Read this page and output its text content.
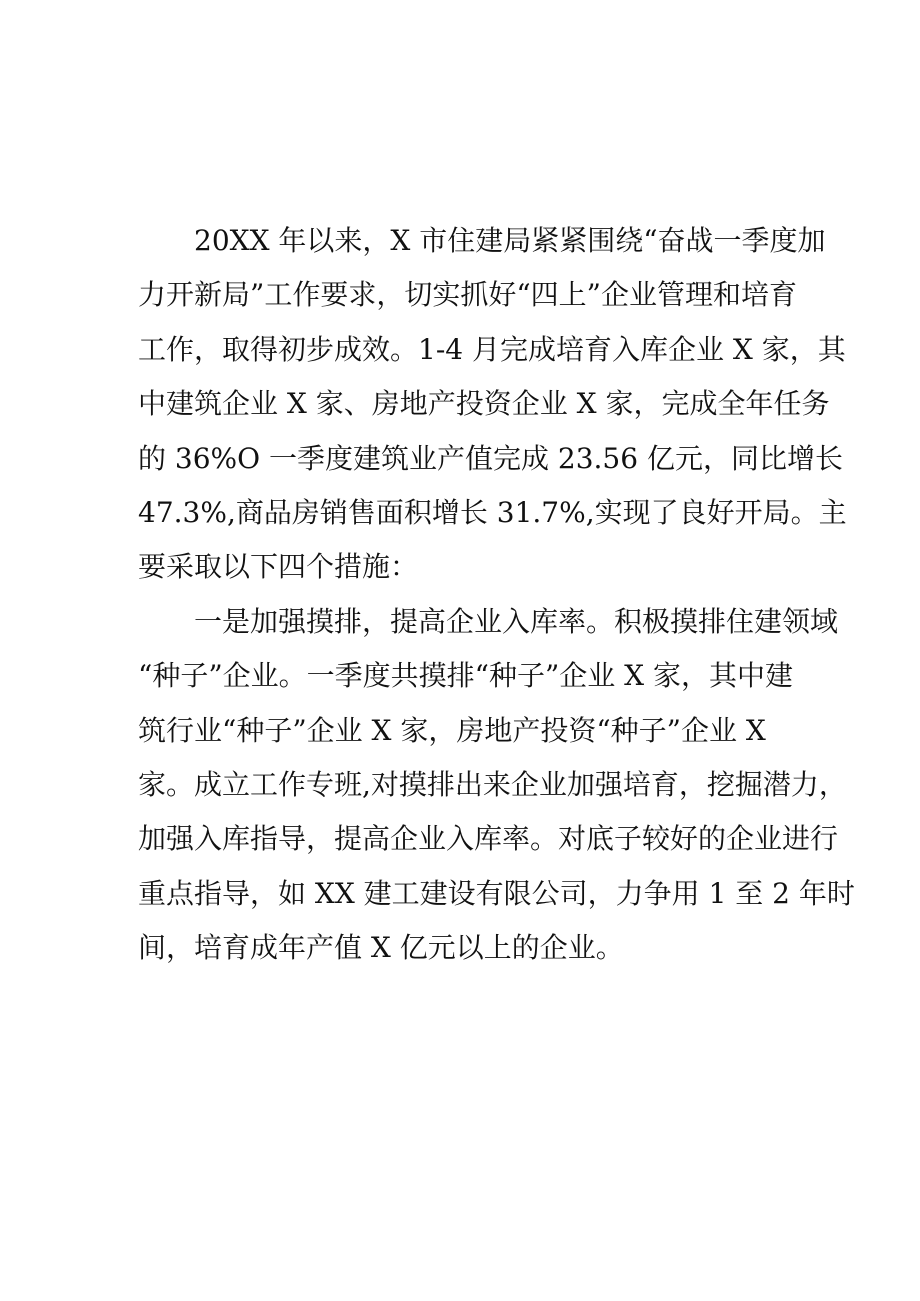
　　20XX 年以来，X 市住建局紧紧围绕“奋战一季度加
力开新局”工作要求，切实抓好“四上”企业管理和培育
工作，取得初步成效。1-4 月完成培育入库企业 X 家，其
中建筑企业 X 家、房地产投资企业 X 家，完成全年任务
的 36%O 一季度建筑业产值完成 23.56 亿元，同比增长
47.3%,商品房销售面积增长 31.7%,实现了良好开局。主
要采取以下四个措施：
　　一是加强摸排，提高企业入库率。积极摸排住建领域
“种子”企业。一季度共摸排“种子”企业 X 家，其中建
筑行业“种子”企业 X 家，房地产投资“种子”企业 X
家。成立工作专班,对摸排出来企业加强培育，挖掘潜力，
加强入库指导，提高企业入库率。对底子较好的企业进行
重点指导，如 XX 建工建设有限公司，力争用 1 至 2 年时
间，培育成年产值 X 亿元以上的企业。
